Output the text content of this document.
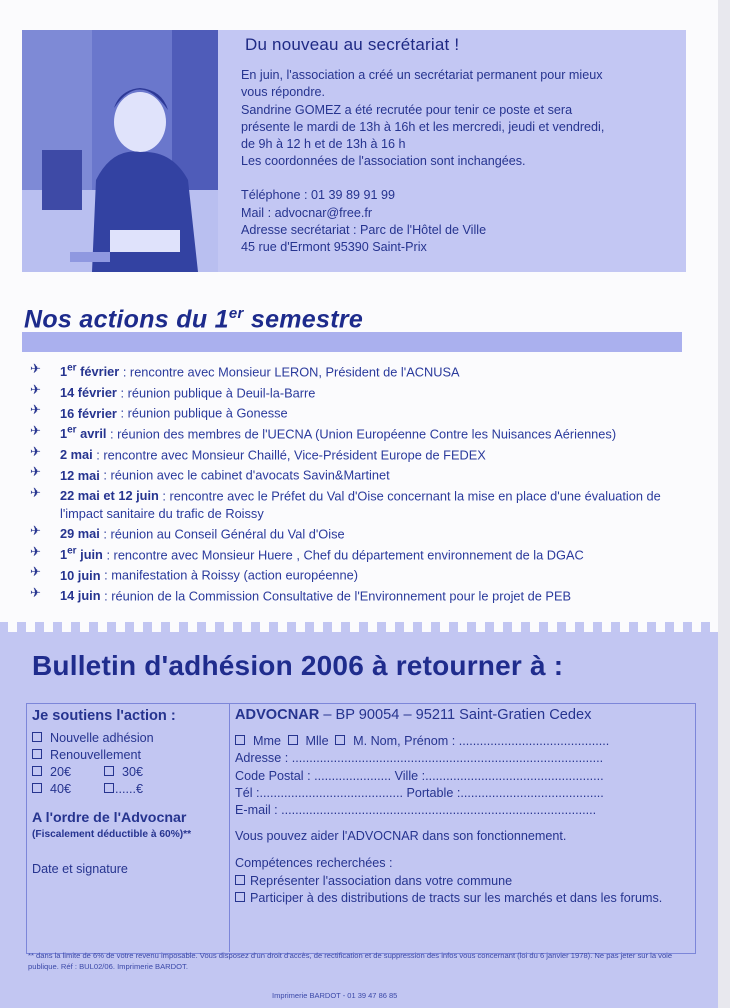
Du nouveau au secrétariat !

En juin, l'association a créé un secrétariat permanent pour mieux

vous répondre.

Sandrine GOMEZ a été recrutée pour tenir ce poste et sera

présente le mardi de 13h à 16h et les mercredi, jeudi et vendredi,

de 9h à 12 h et de 13h à 16 h

Les coordonnées de l'association sont inchangées.

Téléphone : 01 39 89 91 99

Mail : advocnar@free.fr

Adresse secrétariat : Parc de l'Hôtel de Ville

45 rue d'Ermont 95390 Saint-Prix

Nos actions du 1er semestre
✈ 1er février : rencontre avec Monsieur LERON, Président de l'ACNUSA
✈ 14 février : réunion publique à Deuil-la-Barre
✈ 16 février : réunion publique à Gonesse
✈ 1er avril : réunion des membres de l'UECNA (Union Européenne Contre les Nuisances Aériennes)
✈ 2 mai : rencontre avec Monsieur Chaillé, Vice-Président Europe de FEDEX
✈ 12 mai : réunion avec le cabinet d'avocats Savin&Martinet
✈ 22 mai et 12 juin : rencontre avec le Préfet du Val d'Oise concernant la mise en place d'une évaluation de l'impact sanitaire du trafic de Roissy
✈ 29 mai : réunion au Conseil Général du Val d'Oise
✈ 1er juin : rencontre avec Monsieur Huere , Chef du département environnement de la DGAC
✈ 10 juin : manifestation à Roissy (action européenne)
✈ 14 juin : réunion de la Commission Consultative de l'Environnement pour le projet de PEB
Bulletin d'adhésion 2006 à retourner à :
Je soutiens l'action :
Nouvelle adhésion
Renouvellement
20€	30€
40€	......€
A l'ordre de l'Advocnar
(Fiscalement déductible à 60%)**
Date et signature
ADVOCNAR – BP 90054 – 95211 Saint-Gratien Cedex
Mme Mlle M. Nom, Prénom : ...........................................
Adresse : .........................................................................................
Code Postal : ...................... Ville :...................................................
Tél :......................................... Portable :.........................................
E-mail : ..........................................................................................
Vous pouvez aider l'ADVOCNAR dans son fonctionnement.
Compétences recherchées :
Représenter l'association dans votre commune
Participer à des distributions de tracts sur les marchés et dans les forums.
** dans la limite de 6% de votre revenu imposable. Vous disposez d'un droit d'accès, de rectification et de suppression des infos vous concernant (loi du 6 janvier 1978). Ne pas jeter sur la voie publique. Réf : BUL02/06. Imprimerie BARDOT.
Imprimerie BARDOT - 01 39 47 86 85
